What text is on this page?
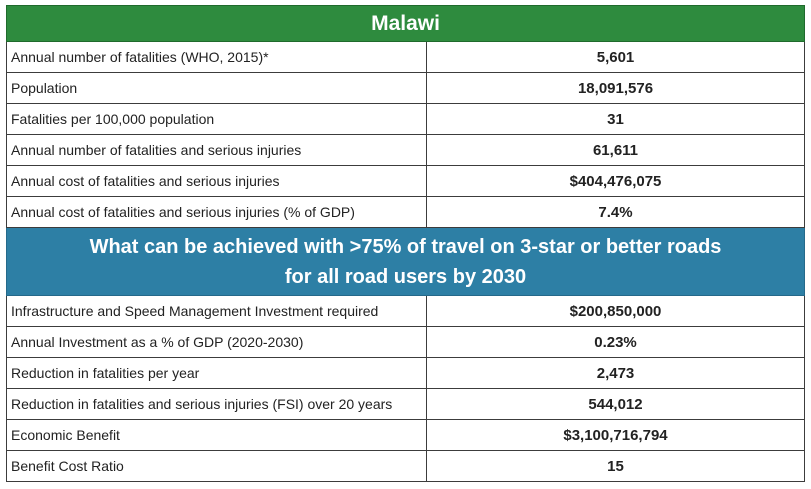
Malawi	
Annual number of fatalities (WHO, 2015)*	5,601
Population	18,091,576
Fatalities per 100,000 population	31
Annual number of fatalities and serious injuries	61,611
Annual cost of fatalities and serious injuries	$404,476,075
Annual cost of fatalities and serious injuries (% of GDP)	7.4%

What can be achieved with >75% of travel on 3-star or better roads
for all road users by 2030	

Infrastructure and Speed Management Investment required	$200,850,000
Annual Investment as a % of GDP (2020-2030)	0.23%
Reduction in fatalities per year	2,473
Reduction in fatalities and serious injuries (FSI) over 20 years	544,012
Economic Benefit	$3,100,716,794
Benefit Cost Ratio	15
